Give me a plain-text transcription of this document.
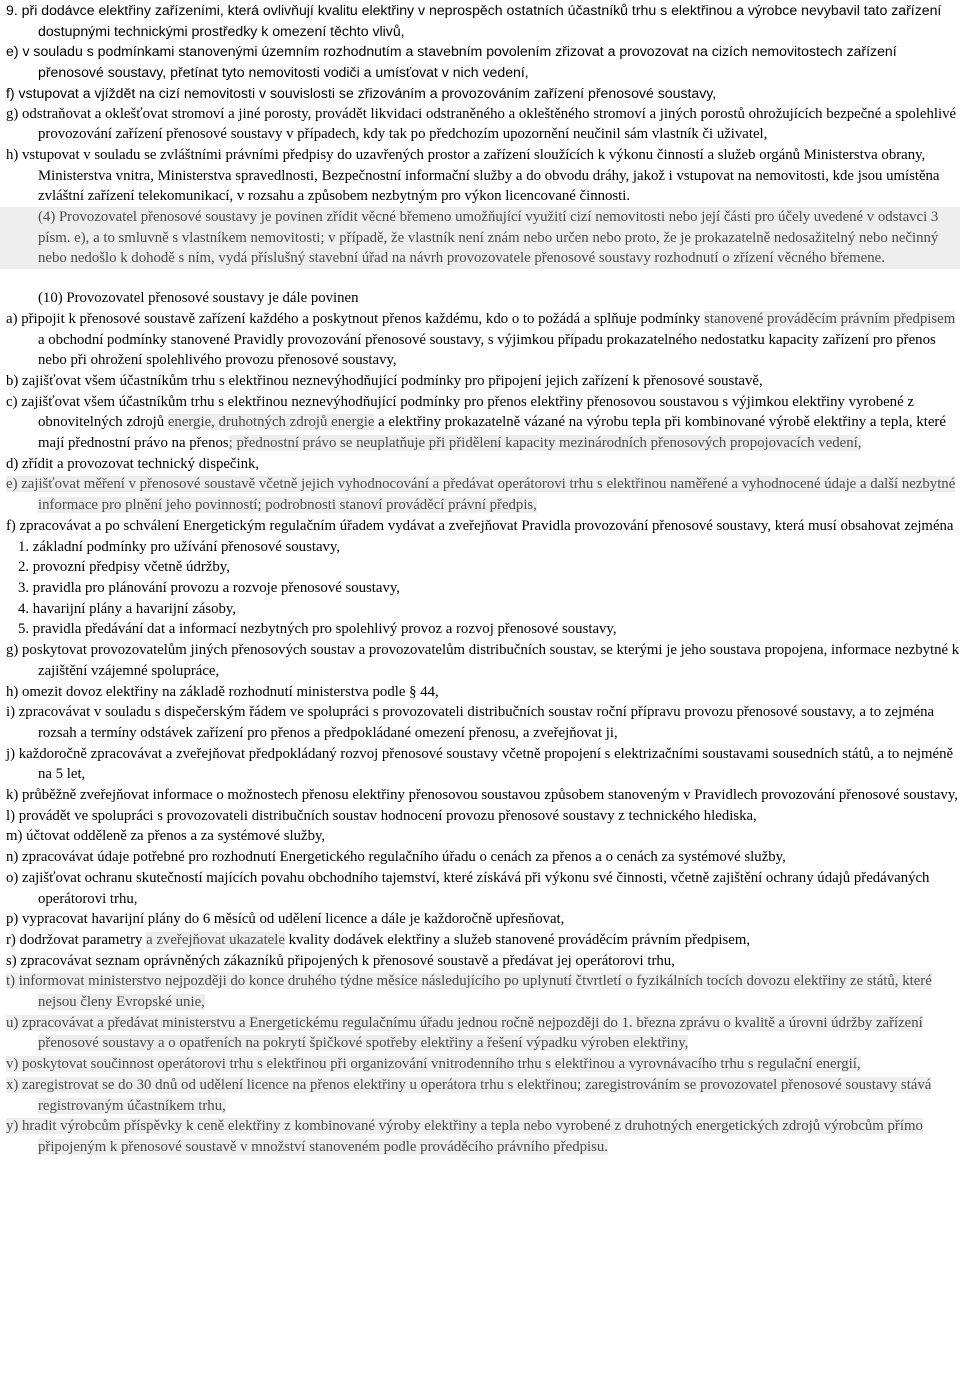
9. při dodávce elektřiny zařízeními, která ovlivňují kvalitu elektřiny v neprospěch ostatních účastníků trhu s elektřinou a výrobce nevybavil tato zařízení dostupnými technickými prostředky k omezení těchto vlivů,

e) v souladu s podmínkami stanovenými územním rozhodnutím a stavebním povolením zřizovat a provozovat na cizích nemovitostech zařízení přenosové soustavy, přetínat tyto nemovitosti vodiči a umísťovat v nich vedení,

f) vstupovat a vjíždět na cizí nemovitosti v souvislosti se zřizováním a provozováním zařízení přenosové soustavy,

g) odstraňovat a oklešťovat stromoví a jiné porosty, provádět likvidaci odstraněného a okleštěného stromoví a jiných porostů ohrožujících bezpečné a spolehlivé provozování zařízení přenosové soustavy v případech, kdy tak po předchozím upozornění neučinil sám vlastník či uživatel,

h) vstupovat v souladu se zvláštními právními předpisy do uzavřených prostor a zařízení sloužících k výkonu činností a služeb orgánů Ministerstva obrany, Ministerstva vnitra, Ministerstva spravedlnosti, Bezpečnostní informační služby a do obvodu dráhy, jakož i vstupovat na nemovitosti, kde jsou umístěna zvláštní zařízení telekomunikací, v rozsahu a způsobem nezbytným pro výkon licencované činnosti.

(4) Provozovatel přenosové soustavy je povinen zřídit věcné břemeno umožňující využití cizí nemovitosti nebo její části pro účely uvedené v odstavci 3 písm. e), a to smluvně s vlastníkem nemovitosti; v případě, že vlastník není znám nebo určen nebo proto, že je prokazatelně nedosažitelný nebo nečinný nebo nedošlo k dohodě s ním, vydá příslušný stavební úřad na návrh provozovatele přenosové soustavy rozhodnutí o zřízení věcného břemene.

(10) Provozovatel přenosové soustavy je dále povinen

a) připojit k přenosové soustavě zařízení každého a poskytnout přenos každému, kdo o to požádá a splňuje podmínky stanovené prováděcím právním předpisem a obchodní podmínky stanovené Pravidly provozování přenosové soustavy, s výjimkou případu prokazatelného nedostatku kapacity zařízení pro přenos nebo při ohrožení spolehlivého provozu přenosové soustavy,

b) zajišťovat všem účastníkům trhu s elektřinou neznevýhodňující podmínky pro připojení jejich zařízení k přenosové soustavě,

c) zajišťovat všem účastníkům trhu s elektřinou neznevýhodňující podmínky pro přenos elektřiny přenosovou soustavou s výjimkou elektřiny vyrobené z obnovitelných zdrojů energie, druhotných zdrojů energie a elektřiny prokazatelně vázané na výrobu tepla při kombinované výrobě elektřiny a tepla, které mají přednostní právo na přenos; přednostní právo se neuplatňuje při přidělení kapacity mezinárodních přenosových propojovacích vedení,

d) zřídit a provozovat technický dispečink,

e) zajišťovat měření v přenosové soustavě včetně jejich vyhodnocování a předávat operátorovi trhu s elektřinou naměřené a vyhodnocené údaje a další nezbytné informace pro plnění jeho povinností; podrobnosti stanoví prováděcí právní předpis,

f) zpracovávat a po schválení Energetickým regulačním úřadem vydávat a zveřejňovat Pravidla provozování přenosové soustavy, která musí obsahovat zejména

1. základní podmínky pro užívání přenosové soustavy,

2. provozní předpisy včetně údržby,

3. pravidla pro plánování provozu a rozvoje přenosové soustavy,

4. havarijní plány a havarijní zásoby,

5. pravidla předávání dat a informací nezbytných pro spolehlivý provoz a rozvoj přenosové soustavy,

g) poskytovat provozovatelům jiných přenosových soustav a provozovatelům distribučních soustav, se kterými je jeho soustava propojena, informace nezbytné k zajištění vzájemné spolupráce,

h) omezit dovoz elektřiny na základě rozhodnutí ministerstva podle § 44,

i) zpracovávat v souladu s dispečerským řádem ve spolupráci s provozovateli distribučních soustav roční přípravu provozu přenosové soustavy, a to zejména rozsah a termíny odstávek zařízení pro přenos a předpokládané omezení přenosu, a zveřejňovat ji,

j) každoročně zpracovávat a zveřejňovat předpokládaný rozvoj přenosové soustavy včetně propojení s elektrizačními soustavami sousedních států, a to nejméně na 5 let,

k) průběžně zveřejňovat informace o možnostech přenosu elektřiny přenosovou soustavou způsobem stanoveným v Pravidlech provozování přenosové soustavy,

l) provádět ve spolupráci s provozovateli distribučních soustav hodnocení provozu přenosové soustavy z technického hlediska,

m) účtovat odděleně za přenos a za systémové služby,

n) zpracovávat údaje potřebné pro rozhodnutí Energetického regulačního úřadu o cenách za přenos a o cenách za systémové služby,

o) zajišťovat ochranu skutečností majících povahu obchodního tajemství, které získává při výkonu své činnosti, včetně zajištění ochrany údajů předávaných operátorovi trhu,

p) vypracovat havarijní plány do 6 měsíců od udělení licence a dále je každoročně upřesňovat,

r) dodržovat parametry a zveřejňovat ukazatele kvality dodávek elektřiny a služeb stanovené prováděcím právním předpisem,

s) zpracovávat seznam oprávněných zákazníků připojených k přenosové soustavě a předávat jej operátorovi trhu,

t) informovat ministerstvo nejpozději do konce druhého týdne měsíce následujícího po uplynutí čtvrtletí o fyzikálních tocích dovozu elektřiny ze států, které nejsou členy Evropské unie,

u) zpracovávat a předávat ministerstvu a Energetickému regulačnímu úřadu jednou ročně nejpozději do 1. března zprávu o kvalitě a úrovni údržby zařízení přenosové soustavy a o opatřeních na pokrytí špičkové spotřeby elektřiny a řešení výpadku výroben elektřiny,

v) poskytovat součinnost operátorovi trhu s elektřinou při organizování vnitrodenního trhu s elektřinou a vyrovnávacího trhu s regulační energií,

x) zaregistrovat se do 30 dnů od udělení licence na přenos elektřiny u operátora trhu s elektřinou; zaregistrováním se provozovatel přenosové soustavy stává registrovaným účastníkem trhu,

y) hradit výrobcům příspěvky k ceně elektřiny z kombinované výroby elektřiny a tepla nebo vyrobené z druhotných energetických zdrojů výrobcům přímo připojeným k přenosové soustavě v množství stanoveném podle prováděcího právního předpisu.
